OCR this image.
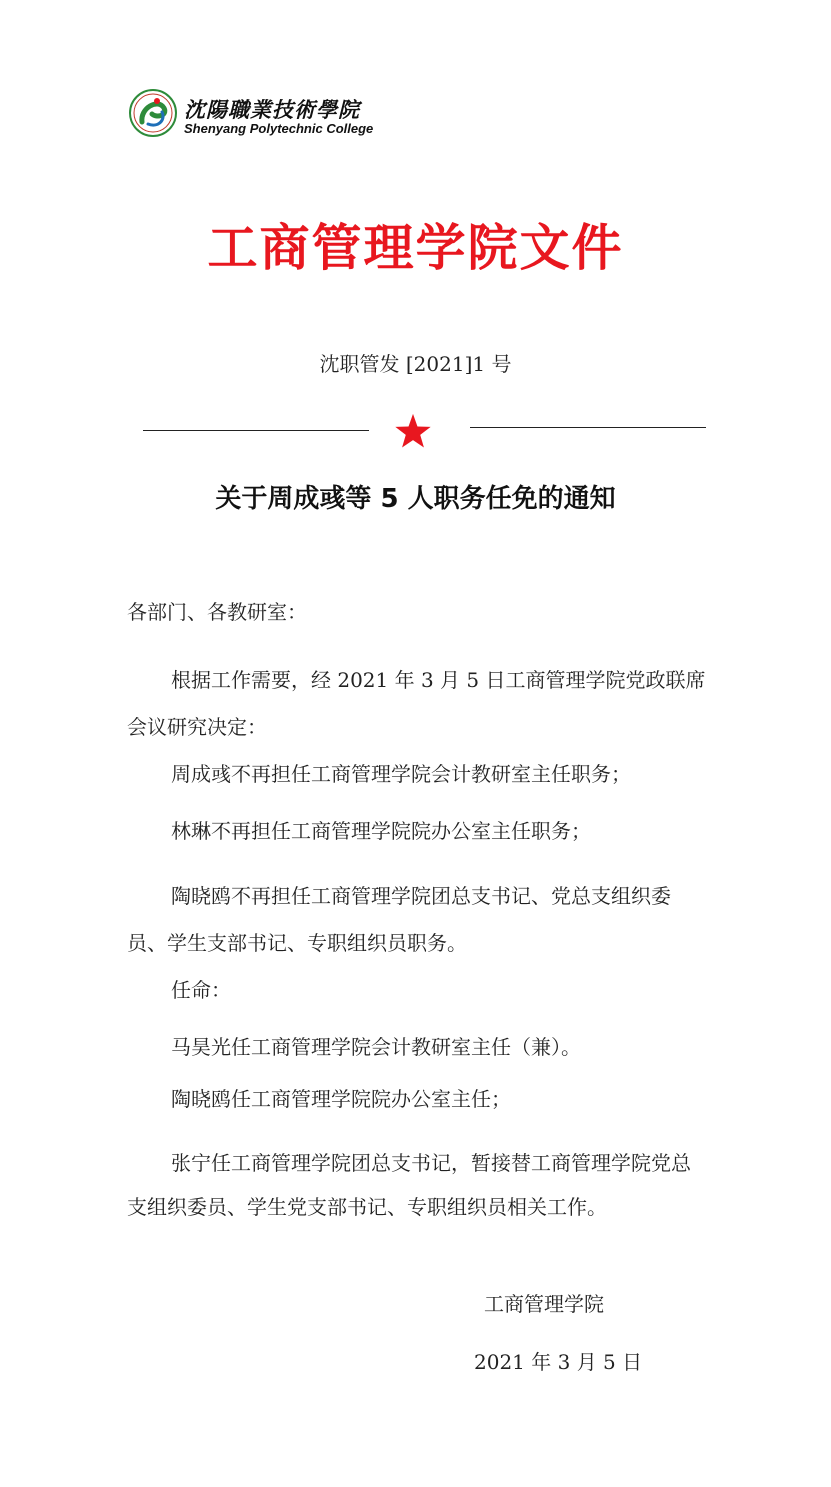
沈陽職業技術學院
Shenyang Polytechnic College
工商管理学院文件
沈职管发 [2021]1 号
关于周成彧等 5 人职务任免的通知
各部门、各教研室：
根据工作需要，经 2021 年 3 月 5 日工商管理学院党政联席会议研究决定：
周成彧不再担任工商管理学院会计教研室主任职务；
林琳不再担任工商管理学院院办公室主任职务；
陶晓鸥不再担任工商管理学院团总支书记、党总支组织委员、学生支部书记、专职组织员职务。
任命：
马昊光任工商管理学院会计教研室主任（兼）。
陶晓鸥任工商管理学院院办公室主任；
张宁任工商管理学院团总支书记，暂接替工商管理学院党总支组织委员、学生党支部书记、专职组织员相关工作。
工商管理学院
2021 年 3 月 5 日
